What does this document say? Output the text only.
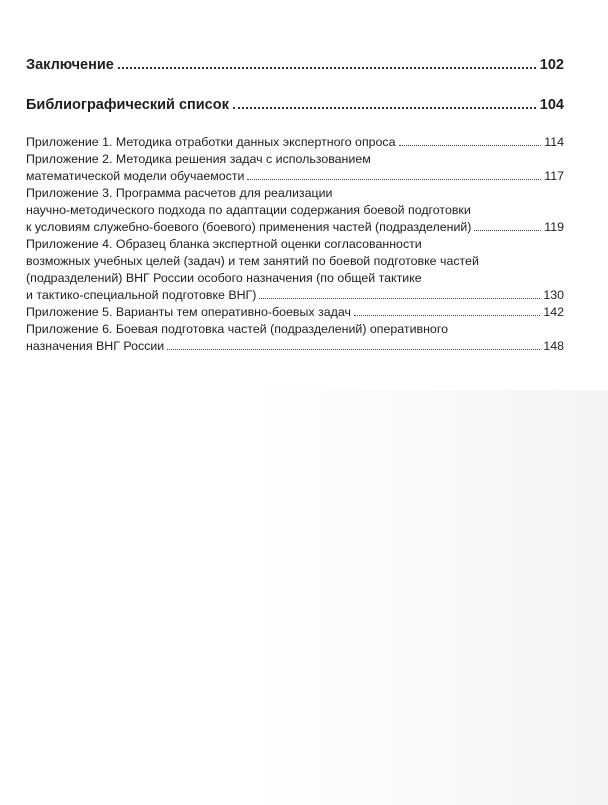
Заключение	102
Библиографический список	104
Приложение 1. Методика отработки данных экспертного опроса	114
Приложение 2. Методика решения задач с использованием
математической модели обучаемости	117
Приложение 3. Программа расчетов для реализации
научно-методического подхода по адаптации содержания боевой подготовки
к условиям служебно-боевого (боевого) применения частей (подразделений)	119
Приложение 4. Образец бланка экспертной оценки согласованности
возможных учебных целей (задач) и тем занятий по боевой подготовке частей
(подразделений) ВНГ России особого назначения (по общей тактике
и тактико-специальной подготовке ВНГ)	130
Приложение 5. Варианты тем оперативно-боевых задач	142
Приложение 6. Боевая подготовка частей (подразделений) оперативного
назначения ВНГ России	148
